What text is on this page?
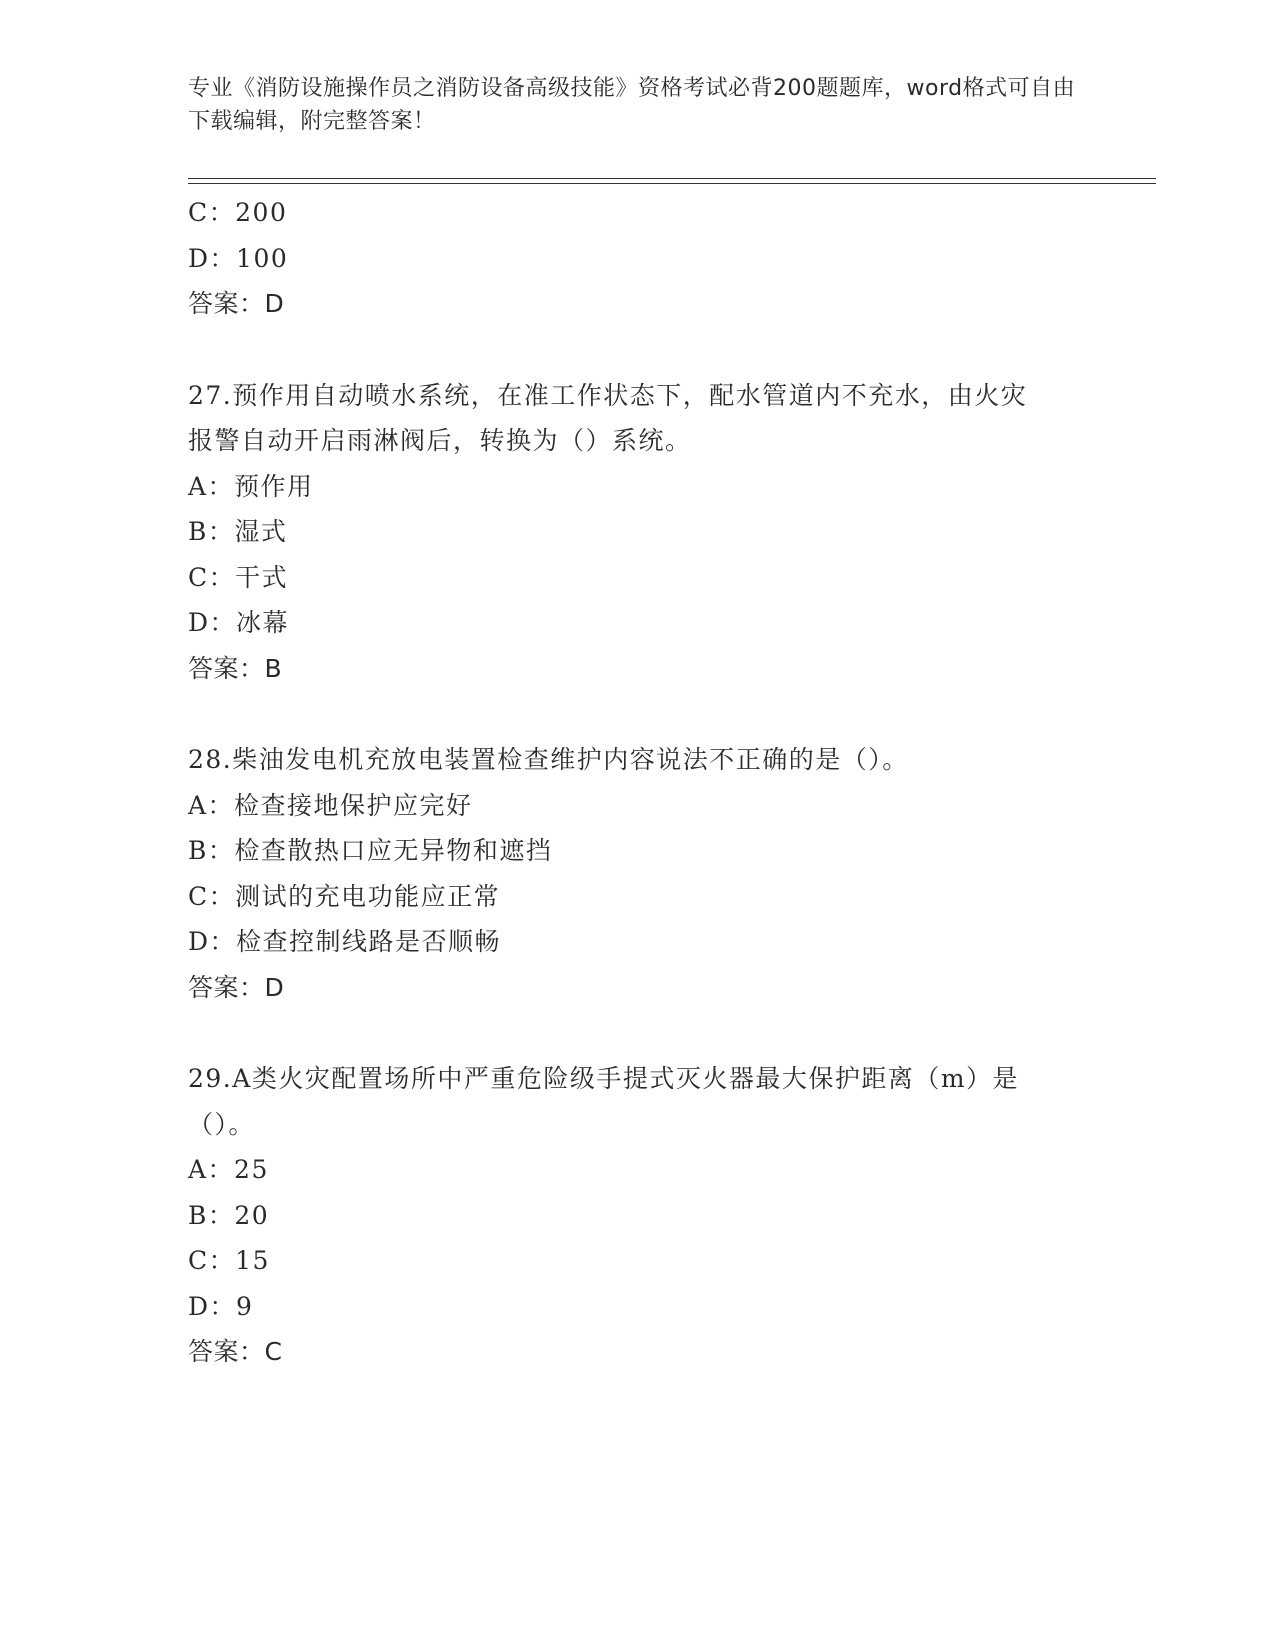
专业《消防设施操作员之消防设备高级技能》资格考试必背200题题库，word格式可自由下载编辑，附完整答案！
C：200
D：100
答案：D
27.预作用自动喷水系统，在准工作状态下，配水管道内不充水，由火灾报警自动开启雨淋阀后，转换为（）系统。
A：预作用
B：湿式
C：干式
D：冰幕
答案：B
28.柴油发电机充放电装置检查维护内容说法不正确的是（）。
A：检查接地保护应完好
B：检查散热口应无异物和遮挡
C：测试的充电功能应正常
D：检查控制线路是否顺畅
答案：D
29.A类火灾配置场所中严重危险级手提式灭火器最大保护距离（m）是（）。
A：25
B：20
C：15
D：9
答案：C
